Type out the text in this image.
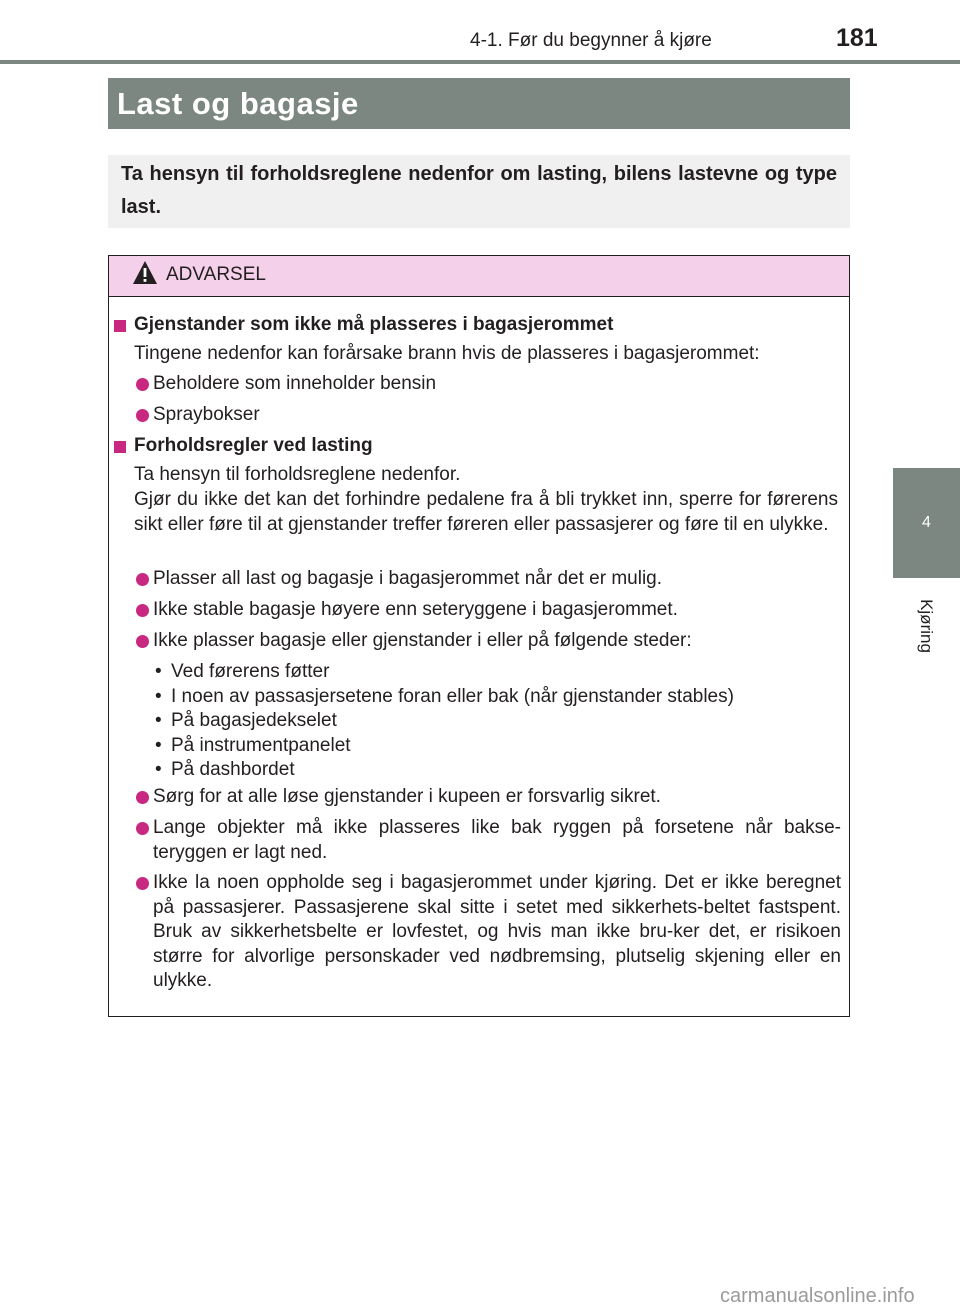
4-1. Før du begynner å kjøre	181
4
Kjøring
Last og bagasje

Ta hensyn til forholdsreglene nedenfor om lasting, bilens lastevne og type last.

ADVARSEL

Gjenstander som ikke må plasseres i bagasjerommet

Tingene nedenfor kan forårsake brann hvis de plasseres i bagasjerommet:

Beholdere som inneholder bensin

Spraybokser

Forholdsregler ved lasting

Ta hensyn til forholdsreglene nedenfor.

Gjør du ikke det kan det forhindre pedalene fra å bli trykket inn, sperre for førerens sikt eller føre til at gjenstander treffer føreren eller passasjerer og føre til en ulykke.

Plasser all last og bagasje i bagasjerommet når det er mulig.

Ikke stable bagasje høyere enn seteryggene i bagasjerommet.

Ikke plasser bagasje eller gjenstander i eller på følgende steder:

• Ved førerens føtter

• I noen av passasjersetene foran eller bak (når gjenstander stables)

• På bagasjedekselet

• På instrumentpanelet

• På dashbordet

Sørg for at alle løse gjenstander i kupeen er forsvarlig sikret.

Lange objekter må ikke plasseres like bak ryggen på forsetene når bakse-teryggen er lagt ned.

Ikke la noen oppholde seg i bagasjerommet under kjøring. Det er ikke beregnet på passasjerer. Passasjerene skal sitte i setet med sikkerhets-beltet fastspent. Bruk av sikkerhetsbelte er lovfestet, og hvis man ikke bru-ker det, er risikoen større for alvorlige personskader ved nødbremsing, plutselig skjening eller en ulykke.

carmanualsonline.info
